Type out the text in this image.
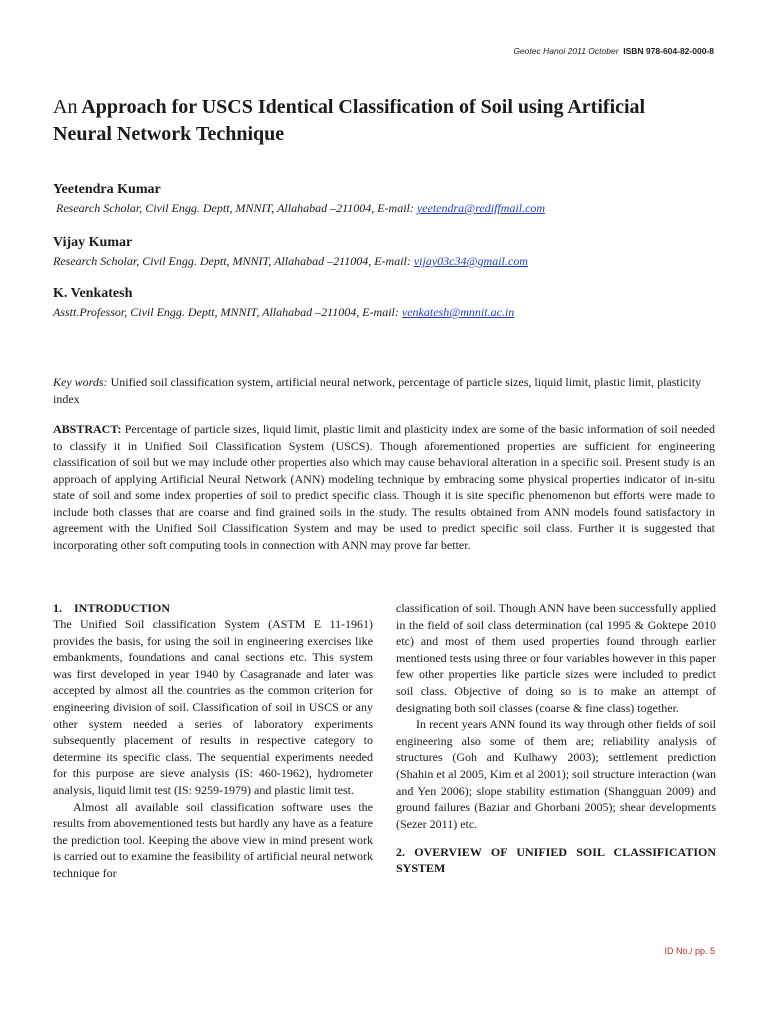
Geotec Hanoi 2011 October ISBN 978-604-82-000-8
An Approach for USCS Identical Classification of Soil using Artificial Neural Network Technique

Yeetendra Kumar

Research Scholar, Civil Engg. Deptt, MNNIT, Allahabad –211004, E-mail: yeetendra@rediffmail.com

Vijay Kumar

Research Scholar, Civil Engg. Deptt, MNNIT, Allahabad –211004, E-mail: vijay03c34@gmail.com

K. Venkatesh

Asstt.Professor, Civil Engg. Deptt, MNNIT, Allahabad –211004, E-mail: venkatesh@mnnit.ac.in

Key words: Unified soil classification system, artificial neural network, percentage of particle sizes, liquid limit, plastic limit, plasticity index

ABSTRACT: Percentage of particle sizes, liquid limit, plastic limit and plasticity index are some of the basic information of soil needed to classify it in Unified Soil Classification System (USCS). Though aforementioned properties are sufficient for engineering classification of soil but we may include other properties also which may cause behavioral alteration in a specific soil. Present study is an approach of applying Artificial Neural Network (ANN) modeling technique by embracing some physical properties indicator of in-situ state of soil and some index properties of soil to predict specific class. Though it is site specific phenomenon but efforts were made to include both classes that are coarse and find grained soils in the study. The results obtained from ANN models found satisfactory in agreement with the Unified Soil Classification System and may be used to predict specific soil class. Further it is suggested that incorporating other soft computing tools in connection with ANN may prove far better.

1.    INTRODUCTION

The Unified Soil classification System (ASTM E 11-1961) provides the basis, for using the soil in engineering exercises like embankments, foundations and canal sections etc. This system was first developed in year 1940 by Casagranade and later was accepted by almost all the countries as the common criterion for engineering division of soil. Classification of soil in USCS or any other system needed a series of laboratory experiments subsequently placement of results in respective category to determine its specific class. The sequential experiments needed for this purpose are sieve analysis (IS: 460-1962), hydrometer analysis, liquid limit test (IS: 9259-1979) and plastic limit test.

Almost all available soil classification software uses the results from abovementioned tests but hardly any have as a feature the prediction tool. Keeping the above view in mind present work is carried out to examine the feasibility of artificial neural network technique for

classification of soil. Though ANN have been successfully applied in the field of soil class determination (cal 1995 & Goktepe 2010 etc) and most of them used properties found through earlier mentioned tests using three or four variables however in this paper few other properties like particle sizes were included to predict soil class. Objective of doing so is to make an attempt of designating both soil classes (coarse & fine class) together.

In recent years ANN found its way through other fields of soil engineering also some of them are; reliability analysis of structures (Goh and Kulhawy 2003); settlement prediction (Shahin et al 2005, Kim et al 2001); soil structure interaction (wan and Yen 2006); slope stability estimation (Shangguan 2009) and ground failures (Baziar and Ghorbani 2005); shear developments (Sezer 2011) etc.

2. OVERVIEW OF UNIFIED SOIL CLASSIFICATION SYSTEM

ID No./ pp. 5
